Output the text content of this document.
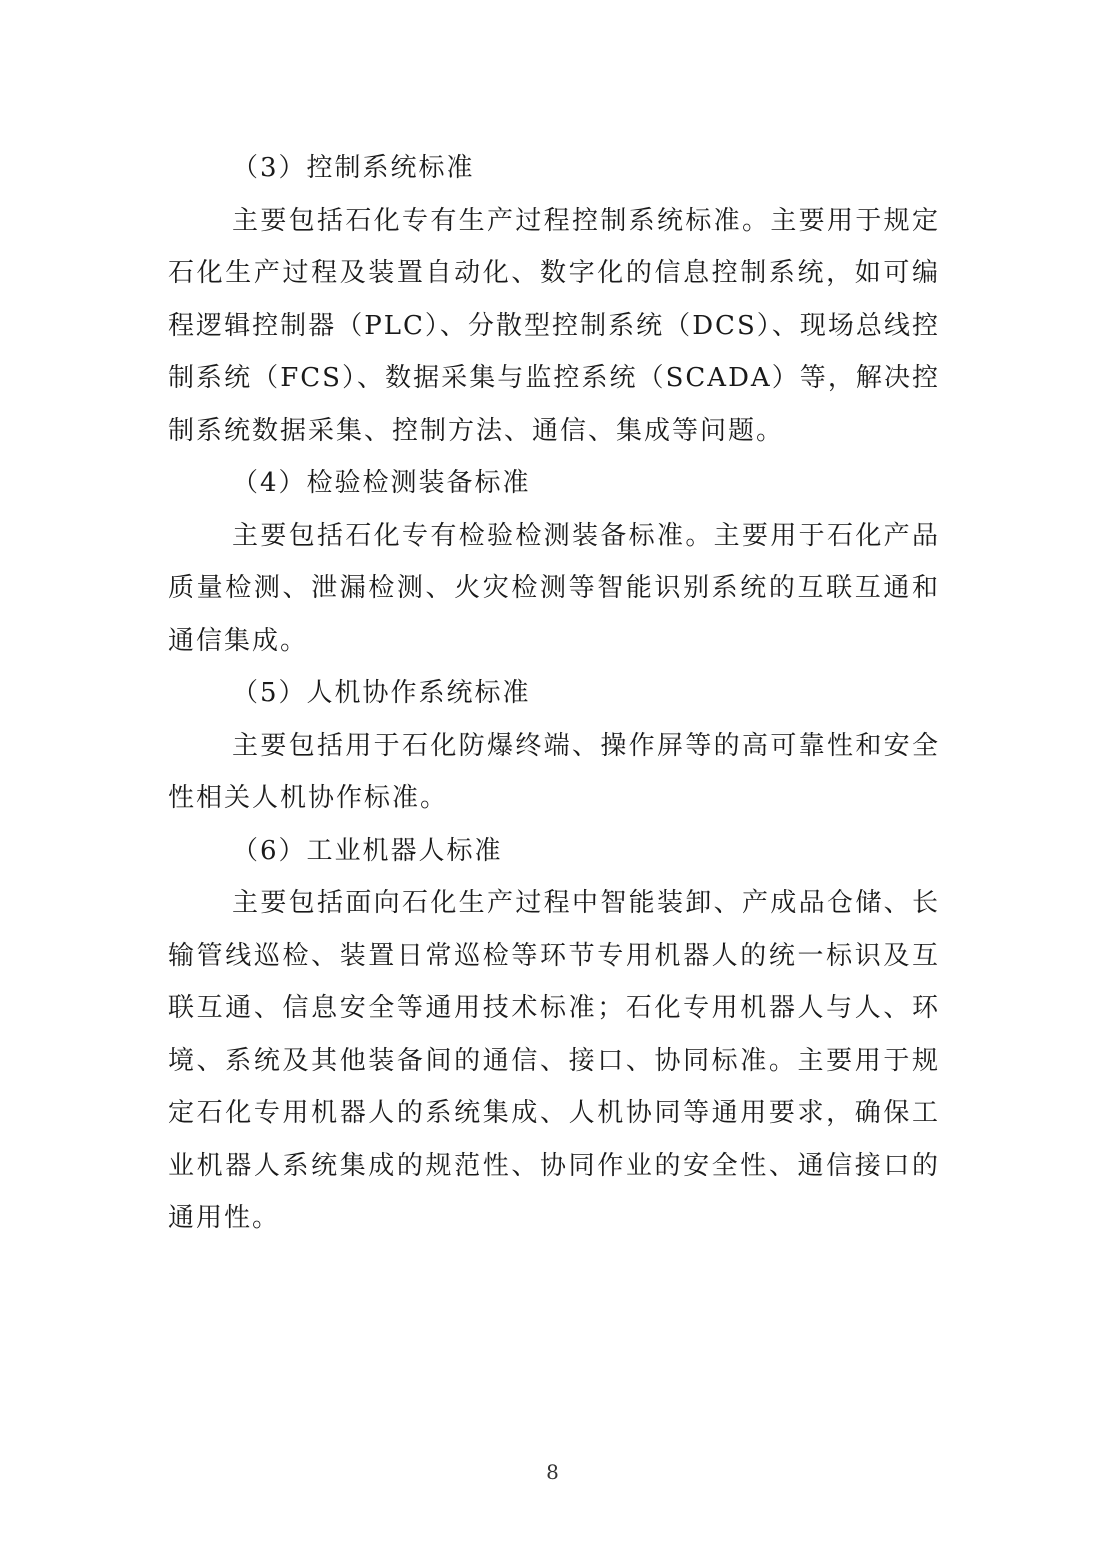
（3）控制系统标准

主要包括石化专有生产过程控制系统标准。主要用于规定石化生产过程及装置自动化、数字化的信息控制系统，如可编程逻辑控制器（PLC）、分散型控制系统（DCS）、现场总线控制系统（FCS）、数据采集与监控系统（SCADA）等，解决控制系统数据采集、控制方法、通信、集成等问题。

（4）检验检测装备标准

主要包括石化专有检验检测装备标准。主要用于石化产品质量检测、泄漏检测、火灾检测等智能识别系统的互联互通和通信集成。

（5）人机协作系统标准

主要包括用于石化防爆终端、操作屏等的高可靠性和安全性相关人机协作标准。

（6）工业机器人标准

主要包括面向石化生产过程中智能装卸、产成品仓储、长输管线巡检、装置日常巡检等环节专用机器人的统一标识及互联互通、信息安全等通用技术标准；石化专用机器人与人、环境、系统及其他装备间的通信、接口、协同标准。主要用于规定石化专用机器人的系统集成、人机协同等通用要求，确保工业机器人系统集成的规范性、协同作业的安全性、通信接口的通用性。

8
